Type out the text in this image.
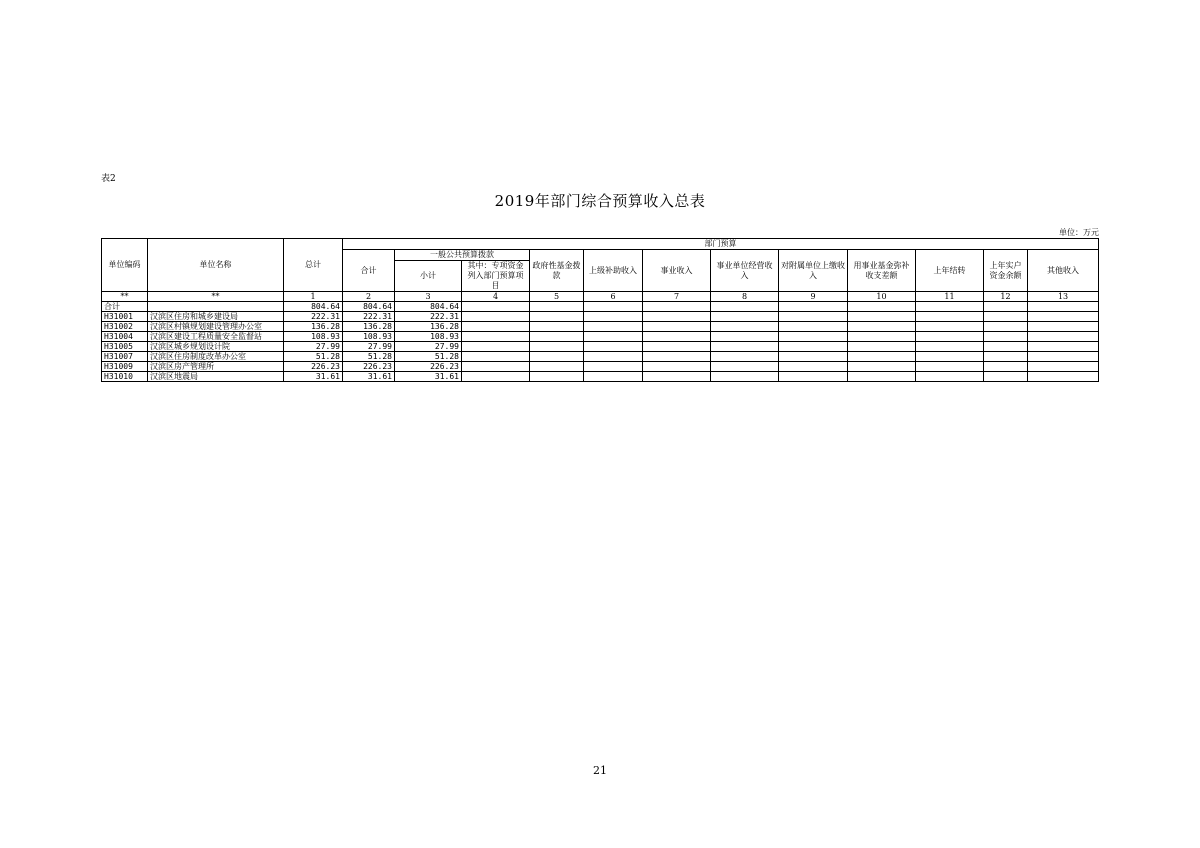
表2
2019年部门综合预算收入总表
单位：万元
单位编码	单位名称	总计	部门预算											
			合计	一般公共预算拨款		政府性基金拨款	上级补助收入	事业收入	事业单位经营收入	对附属单位上缴收入	用事业基金弥补收支差额	上年结转	上年实户资金余额	其他收入
				小计	其中：专项资金列入部门预算项目									
**	**	1	2	3	4	5	6	7	8	9	10	11	12	13
合计		804.64	804.64	804.64										
H31001	汉滨区住房和城乡建设局	222.31	222.31	222.31										
H31002	汉滨区村镇规划建设管理办公室	136.28	136.28	136.28										
H31004	汉滨区建设工程质量安全监督站	108.93	108.93	108.93										
H31005	汉滨区城乡规划设计院	27.99	27.99	27.99										
H31007	汉滨区住房制度改革办公室	51.28	51.28	51.28										
H31009	汉滨区房产管理所	226.23	226.23	226.23										
H31010	汉滨区地震局	31.61	31.61	31.61										
21
